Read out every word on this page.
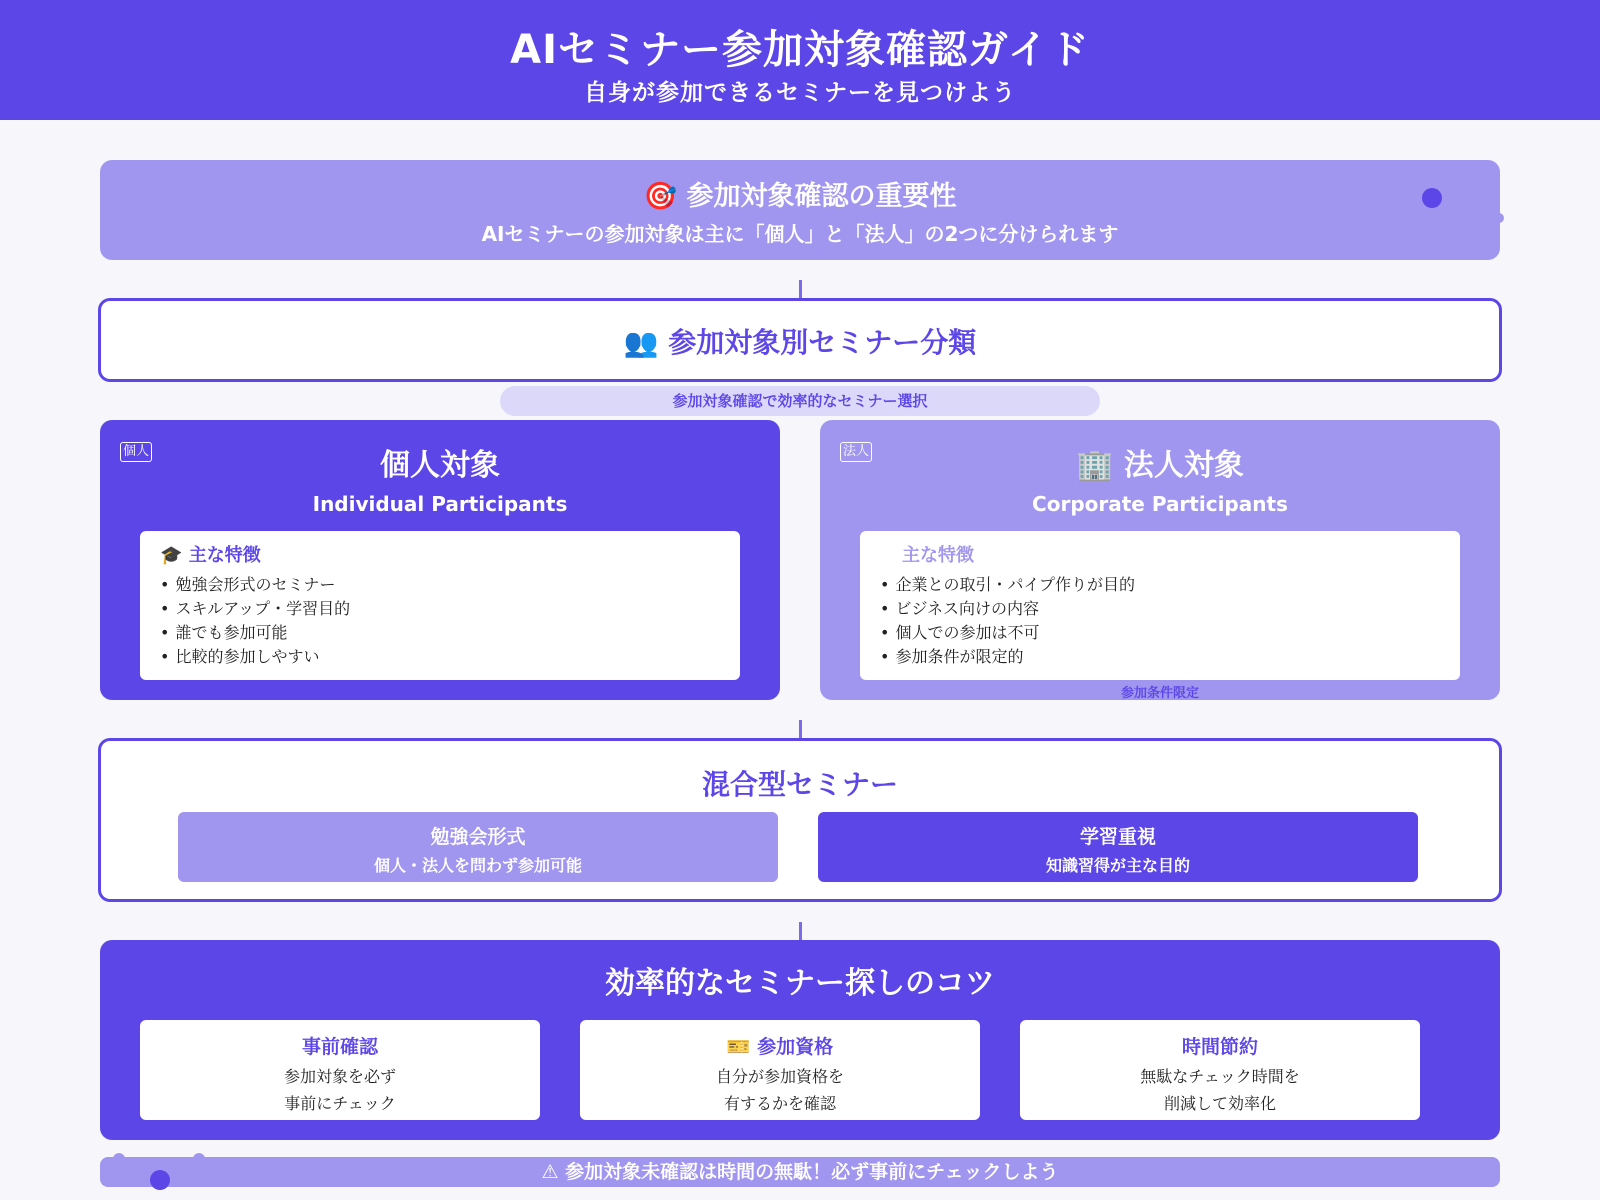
AIセミナー参加対象確認ガイド
自身が参加できるセミナーを見つけよう
🎯 参加対象確認の重要性
AIセミナーの参加対象は主に「個人」と「法人」の2つに分けられます
👥 参加対象別セミナー分類
参加対象確認で効率的なセミナー選択
個人	個人対象
Individual Participants
🎓 主な特徴
• 勉強会形式のセミナー
• スキルアップ・学習目的
• 誰でも参加可能
• 比較的参加しやすい
法人	🏢 法人対象
Corporate Participants
主な特徴
• 企業との取引・パイプ作りが目的
• ビジネス向けの内容
• 個人での参加は不可
• 参加条件が限定的
参加条件限定
混合型セミナー
勉強会形式
個人・法人を問わず参加可能
学習重視
知識習得が主な目的
効率的なセミナー探しのコツ
事前確認
参加対象を必ず
事前にチェック
🎫 参加資格
自分が参加資格を
有するかを確認
時間節約
無駄なチェック時間を
削減して効率化
⚠ 参加対象未確認は時間の無駄！必ず事前にチェックしよう
